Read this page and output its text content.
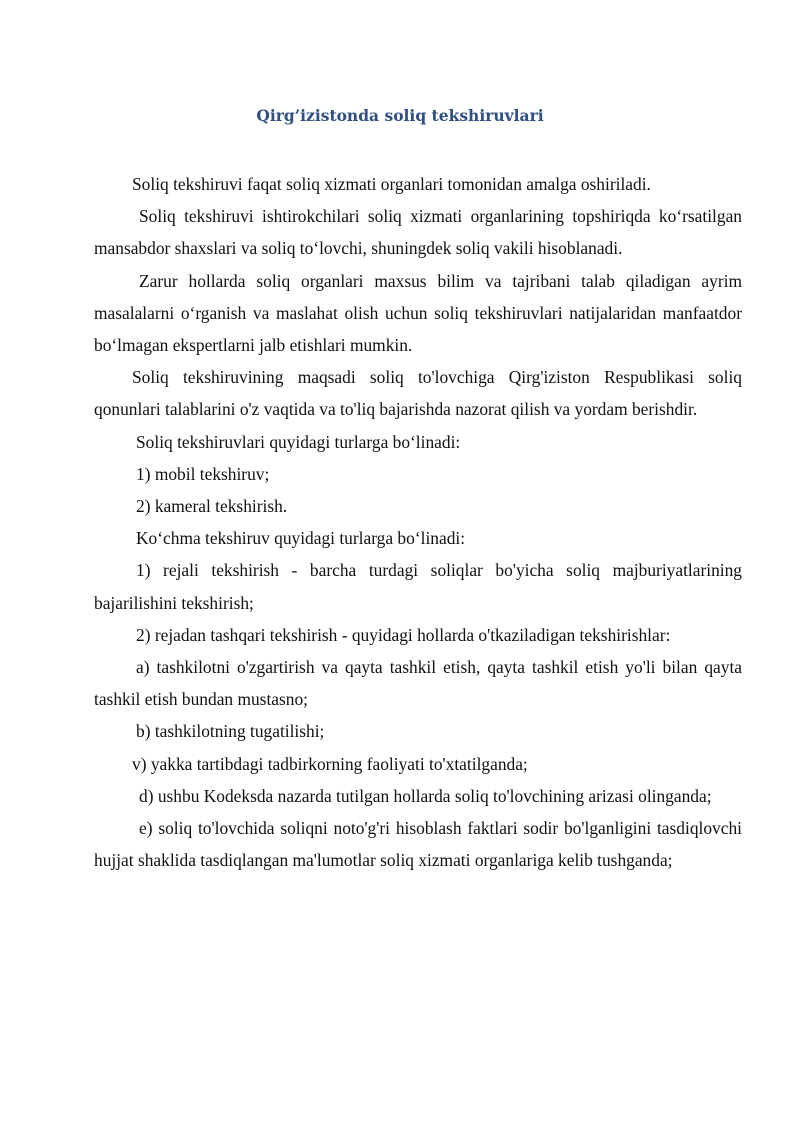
Qirg’izistonda soliq tekshiruvlari

Soliq tekshiruvi faqat soliq xizmati organlari tomonidan amalga oshiriladi.

Soliq tekshiruvi ishtirokchilari soliq xizmati organlarining topshiriqda ko‘rsatilgan mansabdor shaxslari va soliq to‘lovchi, shuningdek soliq vakili hisoblanadi.

Zarur hollarda soliq organlari maxsus bilim va tajribani talab qiladigan ayrim masalalarni o‘rganish va maslahat olish uchun soliq tekshiruvlari natijalaridan manfaatdor bo‘lmagan ekspertlarni jalb etishlari mumkin.

Soliq tekshiruvining maqsadi soliq to'lovchiga Qirg'iziston Respublikasi soliq qonunlari talablarini o'z vaqtida va to'liq bajarishda nazorat qilish va yordam berishdir.

Soliq tekshiruvlari quyidagi turlarga bo‘linadi:

1) mobil tekshiruv;

2) kameral tekshirish.

Ko‘chma tekshiruv quyidagi turlarga bo‘linadi:

1) rejali tekshirish - barcha turdagi soliqlar bo'yicha soliq majburiyatlarining bajarilishini tekshirish;

2) rejadan tashqari tekshirish - quyidagi hollarda o'tkaziladigan tekshirishlar:

a) tashkilotni o'zgartirish va qayta tashkil etish, qayta tashkil etish yo'li bilan qayta tashkil etish bundan mustasno;

b) tashkilotning tugatilishi;

v) yakka tartibdagi tadbirkorning faoliyati to'xtatilganda;

d) ushbu Kodeksda nazarda tutilgan hollarda soliq to'lovchining arizasi olinganda;

e) soliq to'lovchida soliqni noto'g'ri hisoblash faktlari sodir bo'lganligini tasdiqlovchi hujjat shaklida tasdiqlangan ma'lumotlar soliq xizmati organlariga kelib tushganda;
